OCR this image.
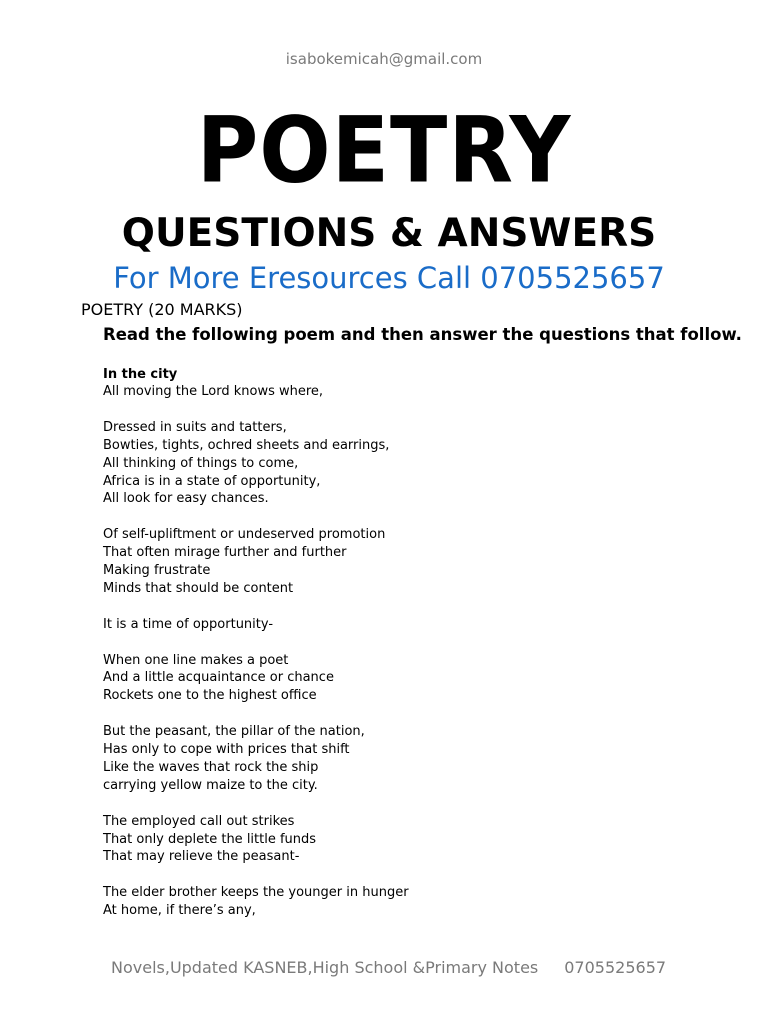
isabokemicah@gmail.com
POETRY
QUESTIONS & ANSWERS
For More Eresources Call 0705525657
POETRY (20 MARKS)
Read the following poem and then answer the questions that follow.
In the city
All moving the Lord knows where,
Dressed in suits and tatters,
Bowties, tights, ochred sheets and earrings,
All thinking of things to come,
Africa is in a state of opportunity,
All look for easy chances.
Of self-upliftment or undeserved promotion
That often mirage further and further
Making frustrate
Minds that should be content
It is a time of opportunity-
When one line makes a poet
And a little acquaintance or chance
Rockets one to the highest office
But the peasant, the pillar of the nation,
Has only to cope with prices that shift
Like the waves that rock the ship
carrying yellow maize to the city.
The employed call out strikes
That only deplete the little funds
That may relieve the peasant-
The elder brother keeps the younger in hunger
At home, if there’s any,
Novels,Updated KASNEB,High School &Primary Notes 0705525657
